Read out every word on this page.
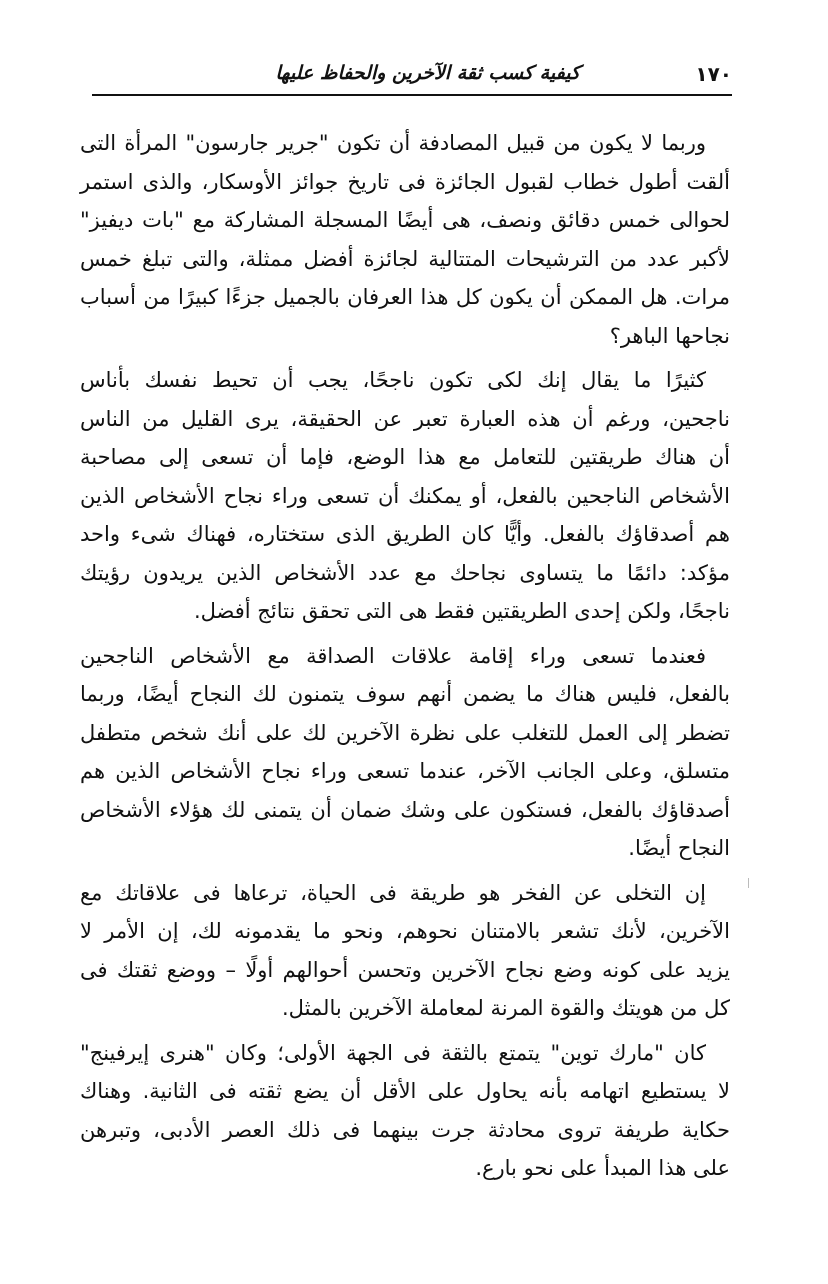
١٧٠
كيفية كسب ثقة الآخرين والحفاظ عليها
وربما لا يكون من قبيل المصادفة أن تكون "جرير جارسون" المرأة التى
ألقت أطول خطاب لقبول الجائزة فى تاريخ جوائز الأوسكار، والذى استمر
لحوالى خمس دقائق ونصف، هى أيضًا المسجلة المشاركة مع "بات ديفيز"
لأكبر عدد من الترشيحات المتتالية لجائزة أفضل ممثلة، والتى تبلغ خمس
مرات. هل الممكن أن يكون كل هذا العرفان بالجميل جزءًا كبيرًا من أسباب
نجاحها الباهر؟
كثيرًا ما يقال إنك لكى تكون ناجحًا، يجب أن تحيط نفسك بأناس
ناجحين، ورغم أن هذه العبارة تعبر عن الحقيقة، يرى القليل من الناس
أن هناك طريقتين للتعامل مع هذا الوضع، فإما أن تسعى إلى مصاحبة
الأشخاص الناجحين بالفعل، أو يمكنك أن تسعى وراء نجاح الأشخاص الذين
هم أصدقاؤك بالفعل. وأيًّا كان الطريق الذى ستختاره، فهناك شىء واحد
مؤكد: دائمًا ما يتساوى نجاحك مع عدد الأشخاص الذين يريدون رؤيتك
ناجحًا، ولكن إحدى الطريقتين فقط هى التى تحقق نتائج أفضل.
فعندما تسعى وراء إقامة علاقات الصداقة مع الأشخاص الناجحين
بالفعل، فليس هناك ما يضمن أنهم سوف يتمنون لك النجاح أيضًا، وربما
تضطر إلى العمل للتغلب على نظرة الآخرين لك على أنك شخص متطفل
متسلق، وعلى الجانب الآخر، عندما تسعى وراء نجاح الأشخاص الذين هم
أصدقاؤك بالفعل، فستكون على وشك ضمان أن يتمنى لك هؤلاء الأشخاص
النجاح أيضًا.
إن التخلى عن الفخر هو طريقة فى الحياة، ترعاها فى علاقاتك مع
الآخرين، لأنك تشعر بالامتنان نحوهم، ونحو ما يقدمونه لك، إن الأمر لا
يزيد على كونه وضع نجاح الآخرين وتحسن أحوالهم أولًا – ووضع ثقتك فى
كل من هويتك والقوة المرنة لمعاملة الآخرين بالمثل.
كان "مارك توين" يتمتع بالثقة فى الجهة الأولى؛ وكان "هنرى إيرفينج"
لا يستطيع اتهامه بأنه يحاول على الأقل أن يضع ثقته فى الثانية. وهناك
حكاية طريفة تروى محادثة جرت بينهما فى ذلك العصر الأدبى، وتبرهن
على هذا المبدأ على نحو بارع.
